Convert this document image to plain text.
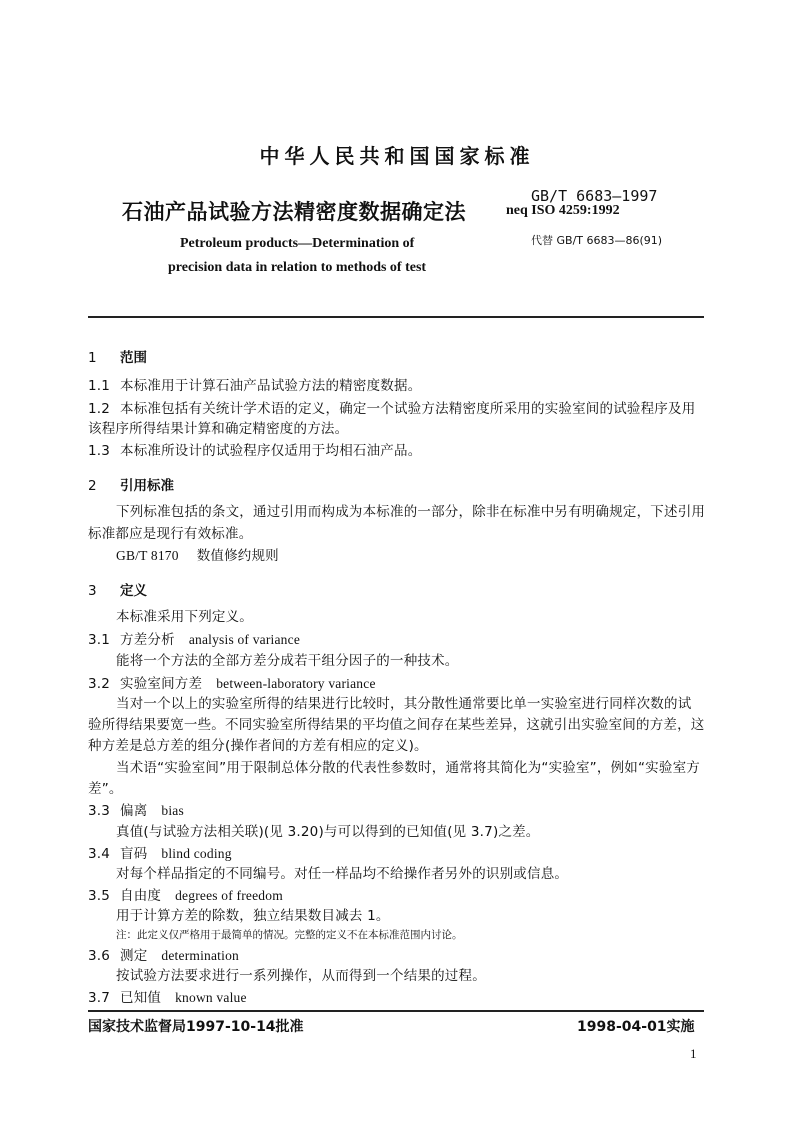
中华人民共和国国家标准
石油产品试验方法精密度数据确定法
GB/T 6683—1997
neq ISO 4259:1992
代替 GB/T 6683—86(91)
Petroleum products—Determination of
precision data in relation to methods of test
1 范围
1.1 本标准用于计算石油产品试验方法的精密度数据。
1.2 本标准包括有关统计学术语的定义，确定一个试验方法精密度所采用的实验室间的试验程序及用
该程序所得结果计算和确定精密度的方法。
1.3 本标准所设计的试验程序仅适用于均相石油产品。
2 引用标准
下列标准包括的条文，通过引用而构成为本标准的一部分，除非在标准中另有明确规定，下述引用
标准都应是现行有效标准。
GB/T 8170 数值修约规则
3 定义
本标准采用下列定义。
3.1 方差分析 analysis of variance
能将一个方法的全部方差分成若干组分因子的一种技术。
3.2 实验室间方差 between-laboratory variance
当对一个以上的实验室所得的结果进行比较时，其分散性通常要比单一实验室进行同样次数的试
验所得结果要宽一些。不同实验室所得结果的平均值之间存在某些差异，这就引出实验室间的方差，这
种方差是总方差的组分(操作者间的方差有相应的定义)。
当术语“实验室间”用于限制总体分散的代表性参数时，通常将其简化为“实验室”，例如“实验室方
差”。
3.3 偏离 bias
真值(与试验方法相关联)(见 3.20)与可以得到的已知值(见 3.7)之差。
3.4 盲码 blind coding
对每个样品指定的不同编号。对任一样品均不给操作者另外的识别或信息。
3.5 自由度 degrees of freedom
用于计算方差的除数，独立结果数目减去 1。
注：此定义仅严格用于最简单的情况。完整的定义不在本标准范围内讨论。
3.6 测定 determination
按试验方法要求进行一系列操作，从而得到一个结果的过程。
3.7 已知值 known value
国家技术监督局1997-10-14批准	1998-04-01实施
1
